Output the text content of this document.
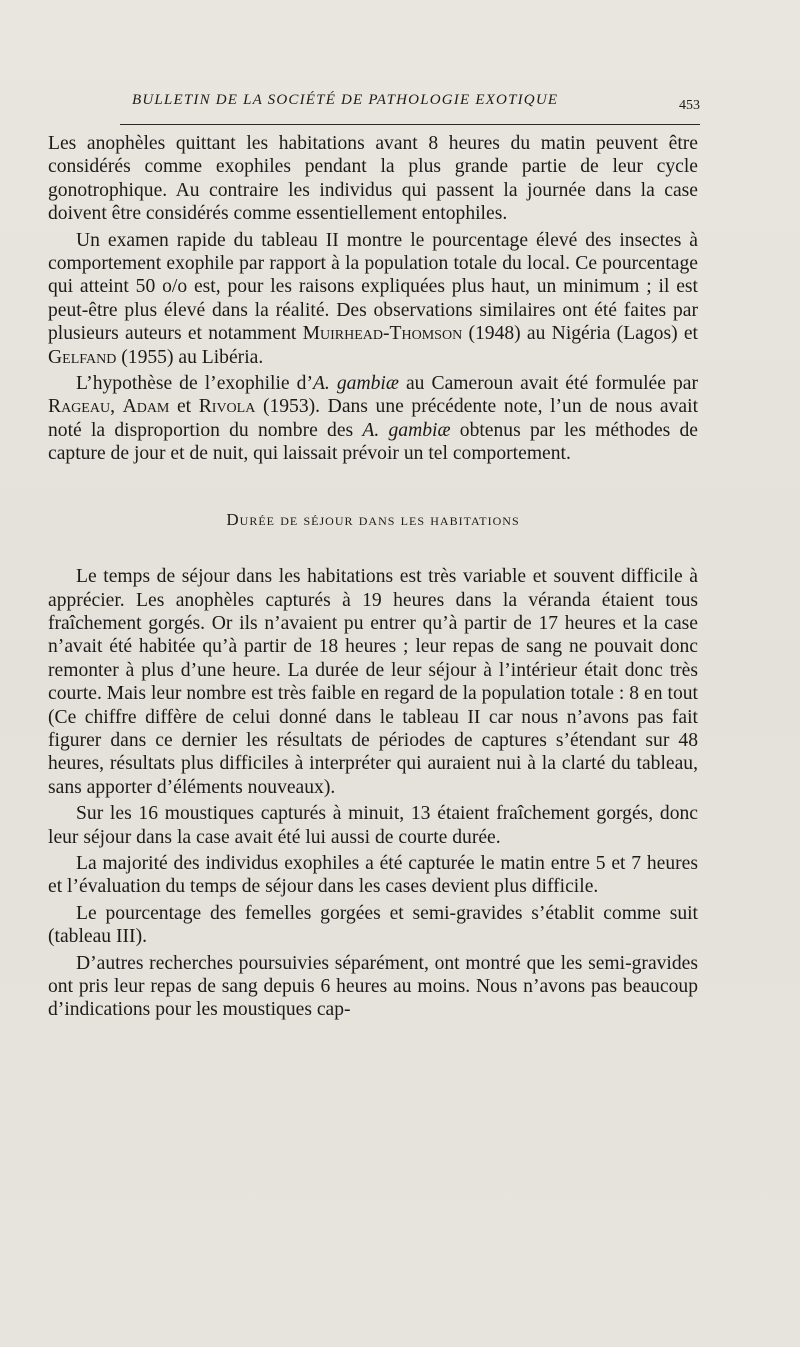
BULLETIN DE LA SOCIÉTÉ DE PATHOLOGIE EXOTIQUE	453

Les anophèles quittant les habitations avant 8 heures du matin peuvent être considérés comme exophiles pendant la plus grande partie de leur cycle gonotrophique. Au contraire les individus qui passent la journée dans la case doivent être considérés comme essentiellement entophiles.

Un examen rapide du tableau II montre le pourcentage élevé des insectes à comportement exophile par rapport à la population totale du local. Ce pourcentage qui atteint 50 o/o est, pour les raisons expliquées plus haut, un minimum ; il est peut-être plus élevé dans la réalité. Des observations similaires ont été faites par plusieurs auteurs et notamment Muirhead-Thomson (1948) au Nigéria (Lagos) et Gelfand (1955) au Libéria.

L’hypothèse de l’exophilie d’A. gambiæ au Cameroun avait été formulée par Rageau, Adam et Rivola (1953). Dans une précédente note, l’un de nous avait noté la disproportion du nombre des A. gambiæ obtenus par les méthodes de capture de jour et de nuit, qui laissait prévoir un tel comportement.

Durée de séjour dans les habitations

Le temps de séjour dans les habitations est très variable et souvent difficile à apprécier. Les anophèles capturés à 19 heures dans la véranda étaient tous fraîchement gorgés. Or ils n’avaient pu entrer qu’à partir de 17 heures et la case n’avait été habitée qu’à partir de 18 heures ; leur repas de sang ne pouvait donc remonter à plus d’une heure. La durée de leur séjour à l’intérieur était donc très courte. Mais leur nombre est très faible en regard de la population totale : 8 en tout (Ce chiffre diffère de celui donné dans le tableau II car nous n’avons pas fait figurer dans ce dernier les résultats de périodes de captures s’étendant sur 48 heures, résultats plus difficiles à interpréter qui auraient nui à la clarté du tableau, sans apporter d’éléments nouveaux).

Sur les 16 moustiques capturés à minuit, 13 étaient fraîchement gorgés, donc leur séjour dans la case avait été lui aussi de courte durée.

La majorité des individus exophiles a été capturée le matin entre 5 et 7 heures et l’évaluation du temps de séjour dans les cases devient plus difficile.

Le pourcentage des femelles gorgées et semi-gravides s’établit comme suit (tableau III).

D’autres recherches poursuivies séparément, ont montré que les semi-gravides ont pris leur repas de sang depuis 6 heures au moins. Nous n’avons pas beaucoup d’indications pour les moustiques cap-
